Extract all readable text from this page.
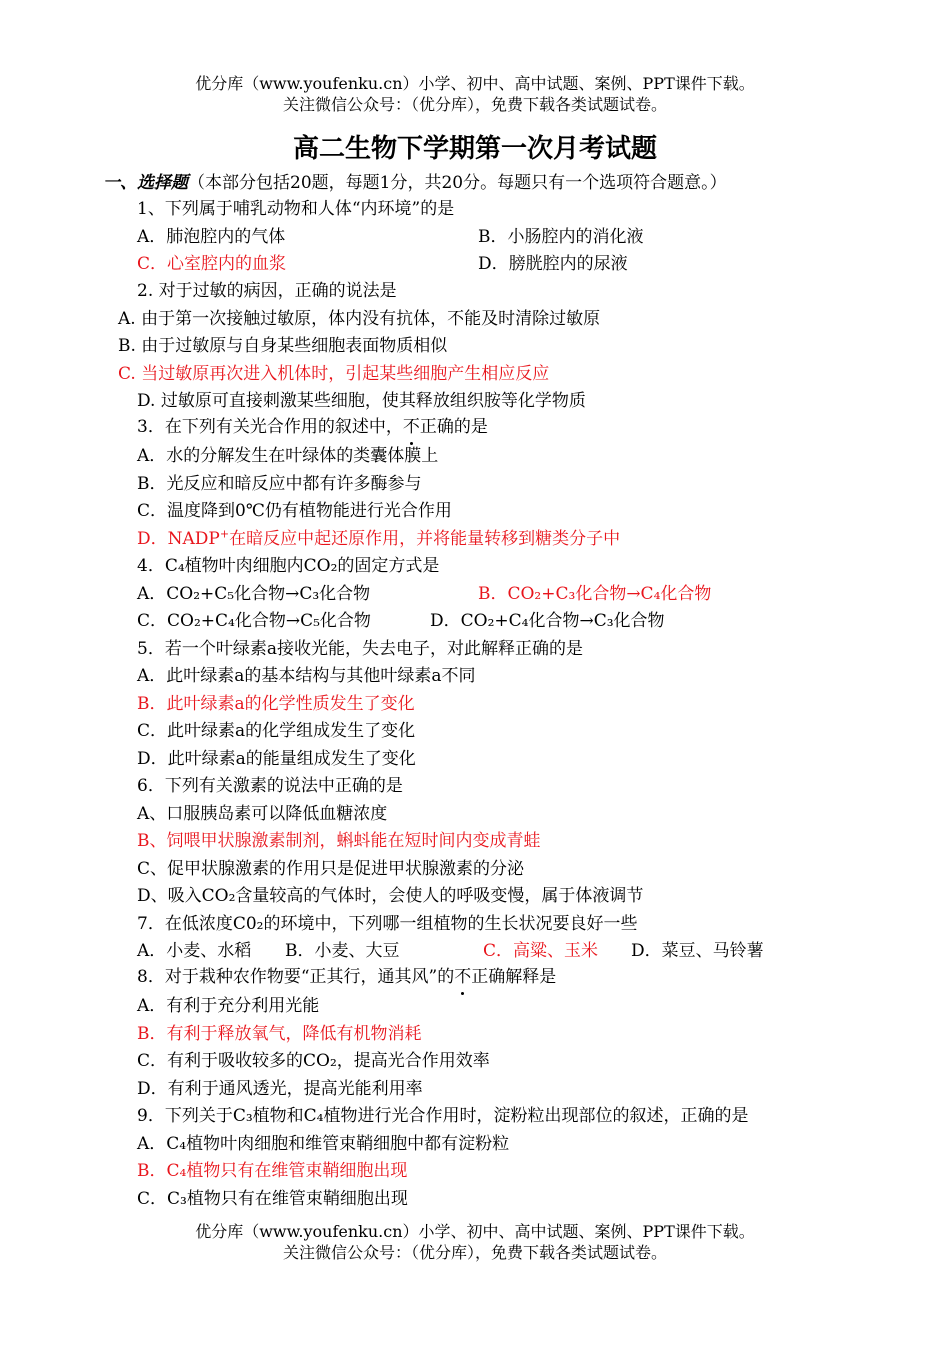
优分库（www.youfenku.cn）小学、初中、高中试题、案例、PPT课件下载。
关注微信公众号：（优分库），免费下载各类试题试卷。
高二生物下学期第一次月考试题
一、选择题（本部分包括20题，每题1分，共20分。每题只有一个选项符合题意。）
1、下列属于哺乳动物和人体“内环境”的是
A．肺泡腔内的气体	B．小肠腔内的消化液
C．心室腔内的血浆	D．膀胱腔内的尿液
2. 对于过敏的病因，正确的说法是
A. 由于第一次接触过敏原，体内没有抗体，不能及时清除过敏原
B. 由于过敏原与自身某些细胞表面物质相似
C. 当过敏原再次进入机体时，引起某些细胞产生相应反应
D. 过敏原可直接刺激某些细胞，使其释放组织胺等化学物质
3．在下列有关光合作用的叙述中，不正确的是
A．水的分解发生在叶绿体的类囊体膜上
B．光反应和暗反应中都有许多酶参与
C．温度降到0℃仍有植物能进行光合作用
D．NADP+在暗反应中起还原作用，并将能量转移到糖类分子中
4．C₄植物叶肉细胞内CO₂的固定方式是
A．CO₂+C₅化合物→C₃化合物	B．CO₂+C₃化合物→C₄化合物
C．CO₂+C₄化合物→C₅化合物	D．CO₂+C₄化合物→C₃化合物
5．若一个叶绿素a接收光能，失去电子，对此解释正确的是
A．此叶绿素a的基本结构与其他叶绿素a不同
B．此叶绿素a的化学性质发生了变化
C．此叶绿素a的化学组成发生了变化
D．此叶绿素a的能量组成发生了变化
6．下列有关激素的说法中正确的是
A、口服胰岛素可以降低血糖浓度
B、饲喂甲状腺激素制剂，蝌蚪能在短时间内变成青蛙
C、促甲状腺激素的作用只是促进甲状腺激素的分泌
D、吸入CO₂含量较高的气体时，会使人的呼吸变慢，属于体液调节
7．在低浓度C0₂的环境中，下列哪一组植物的生长状况要良好一些
A．小麦、水稻 B．小麦、大豆	C．高粱、玉米 D．菜豆、马铃薯
8．对于栽种农作物要“正其行，通其风”的不正确解释是
A．有利于充分利用光能
B．有利于释放氧气，降低有机物消耗
C．有利于吸收较多的CO₂，提高光合作用效率
D．有利于通风透光，提高光能利用率
9．下列关于C₃植物和C₄植物进行光合作用时，淀粉粒出现部位的叙述，正确的是
A．C₄植物叶肉细胞和维管束鞘细胞中都有淀粉粒
B．C₄植物只有在维管束鞘细胞出现
C．C₃植物只有在维管束鞘细胞出现
优分库（www.youfenku.cn）小学、初中、高中试题、案例、PPT课件下载。
关注微信公众号：（优分库），免费下载各类试题试卷。
